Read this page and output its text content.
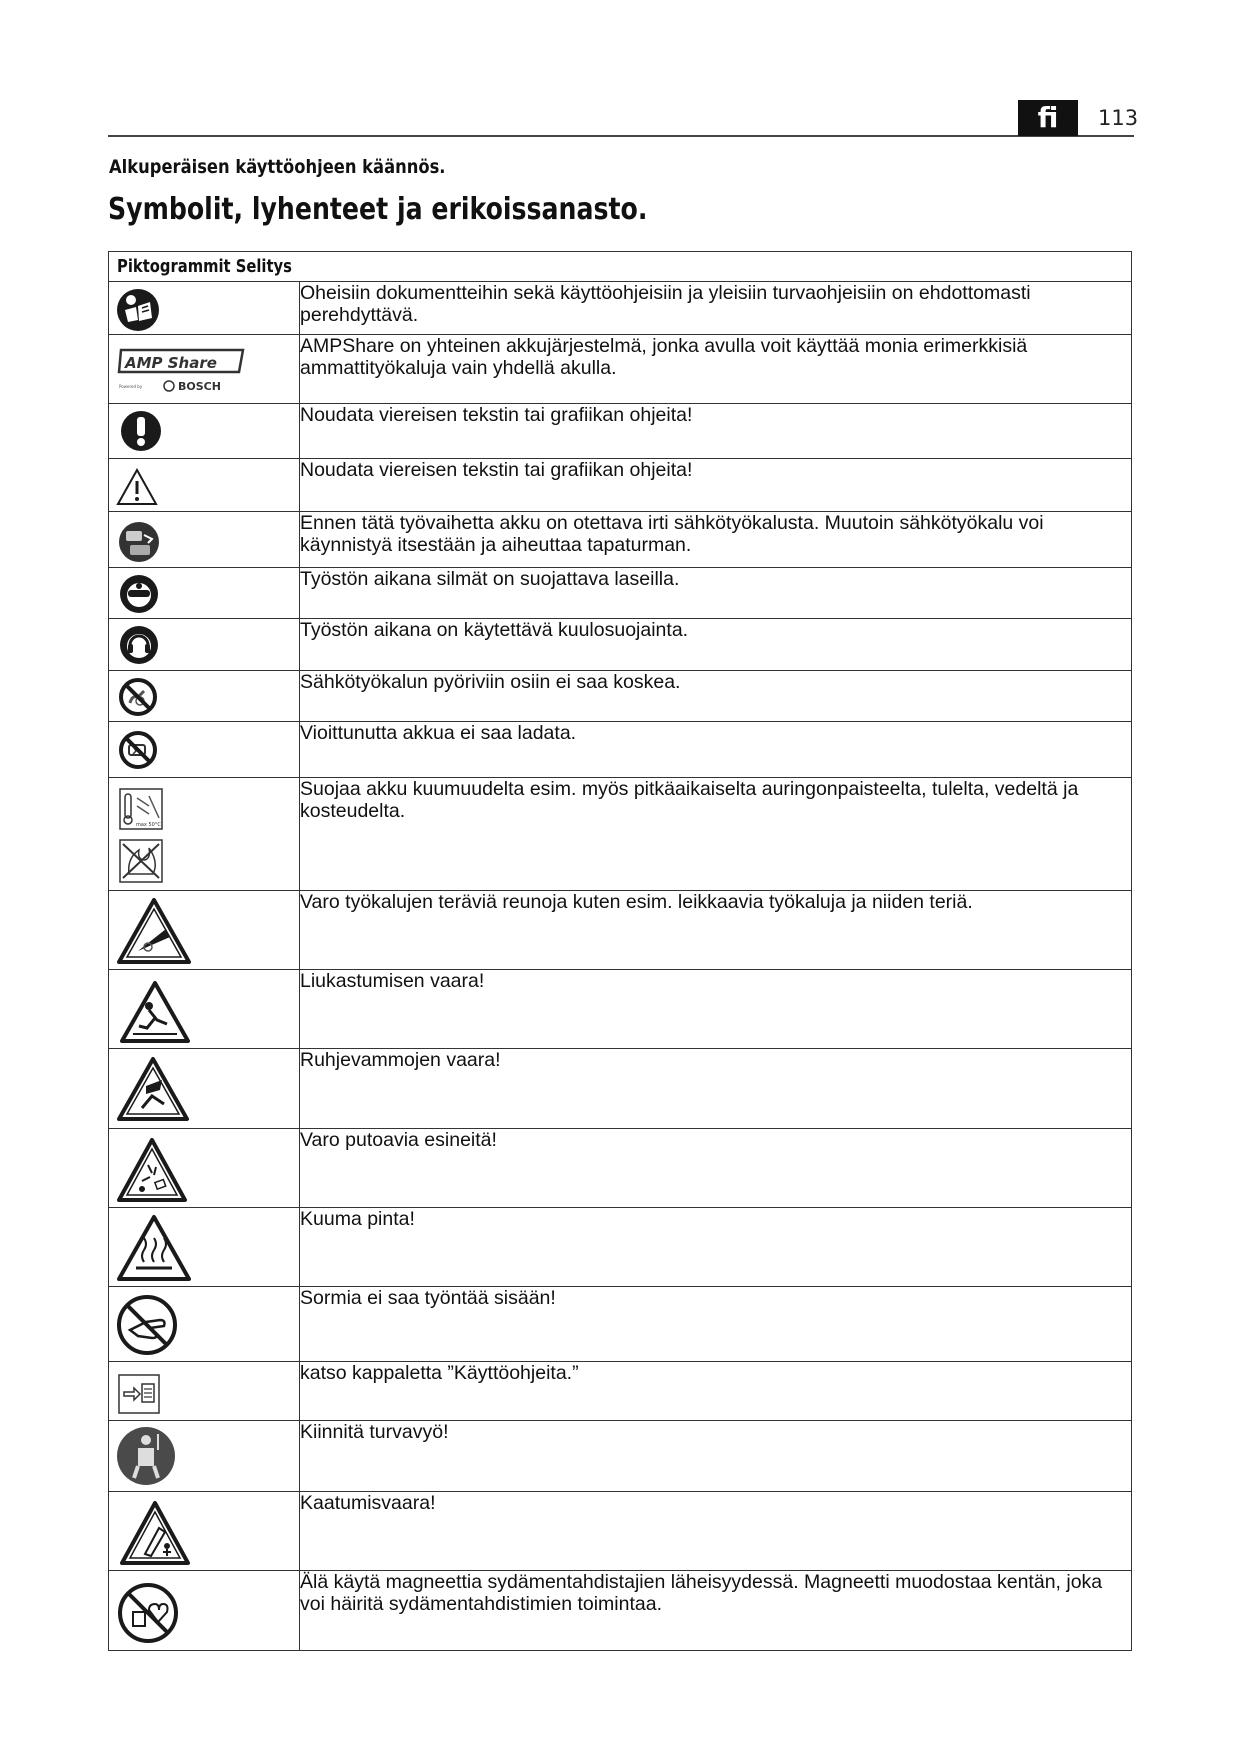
fi	113
Alkuperäisen käyttöohjeen käännös.
Symbolit, lyhenteet ja erikoissanasto.
Piktogrammit Selitys	

	Oheisiin dokumentteihin sekä käyttöohjeisiin ja yleisiin turvaohjeisiin on ehdottomasti perehdyttävä.

AMP Share
Powered by BOSCH	AMPShare on yhteinen akkujärjestelmä, jonka avulla voit käyttää monia erimerkkisiä ammattityökaluja vain yhdellä akulla.

	Noudata viereisen tekstin tai grafiikan ohjeita!

	Noudata viereisen tekstin tai grafiikan ohjeita!

	Ennen tätä työvaihetta akku on otettava irti sähkötyökalusta. Muutoin sähkötyökalu voi käynnistyä itsestään ja aiheuttaa tapaturman.

	Työstön aikana silmät on suojattava laseilla.

	Työstön aikana on käytettävä kuulosuojainta.

	Sähkötyökalun pyöriviin osiin ei saa koskea.

	Vioittunutta akkua ei saa ladata.

max 50°C	Suojaa akku kuumuudelta esim. myös pitkäaikaiselta auringonpaisteelta, tulelta, vedeltä ja kosteudelta.

	Varo työkalujen teräviä reunoja kuten esim. leikkaavia työkaluja ja niiden teriä.

	Liukastumisen vaara!

	Ruhjevammojen vaara!

	Varo putoavia esineitä!

	Kuuma pinta!

	Sormia ei saa työntää sisään!

	katso kappaletta ”Käyttöohjeita.”

	Kiinnitä turvavyö!

	Kaatumisvaara!

	Älä käytä magneettia sydämentahdistajien läheisyydessä. Magneetti muodostaa kentän, joka voi häiritä sydämentahdistimien toimintaa.
